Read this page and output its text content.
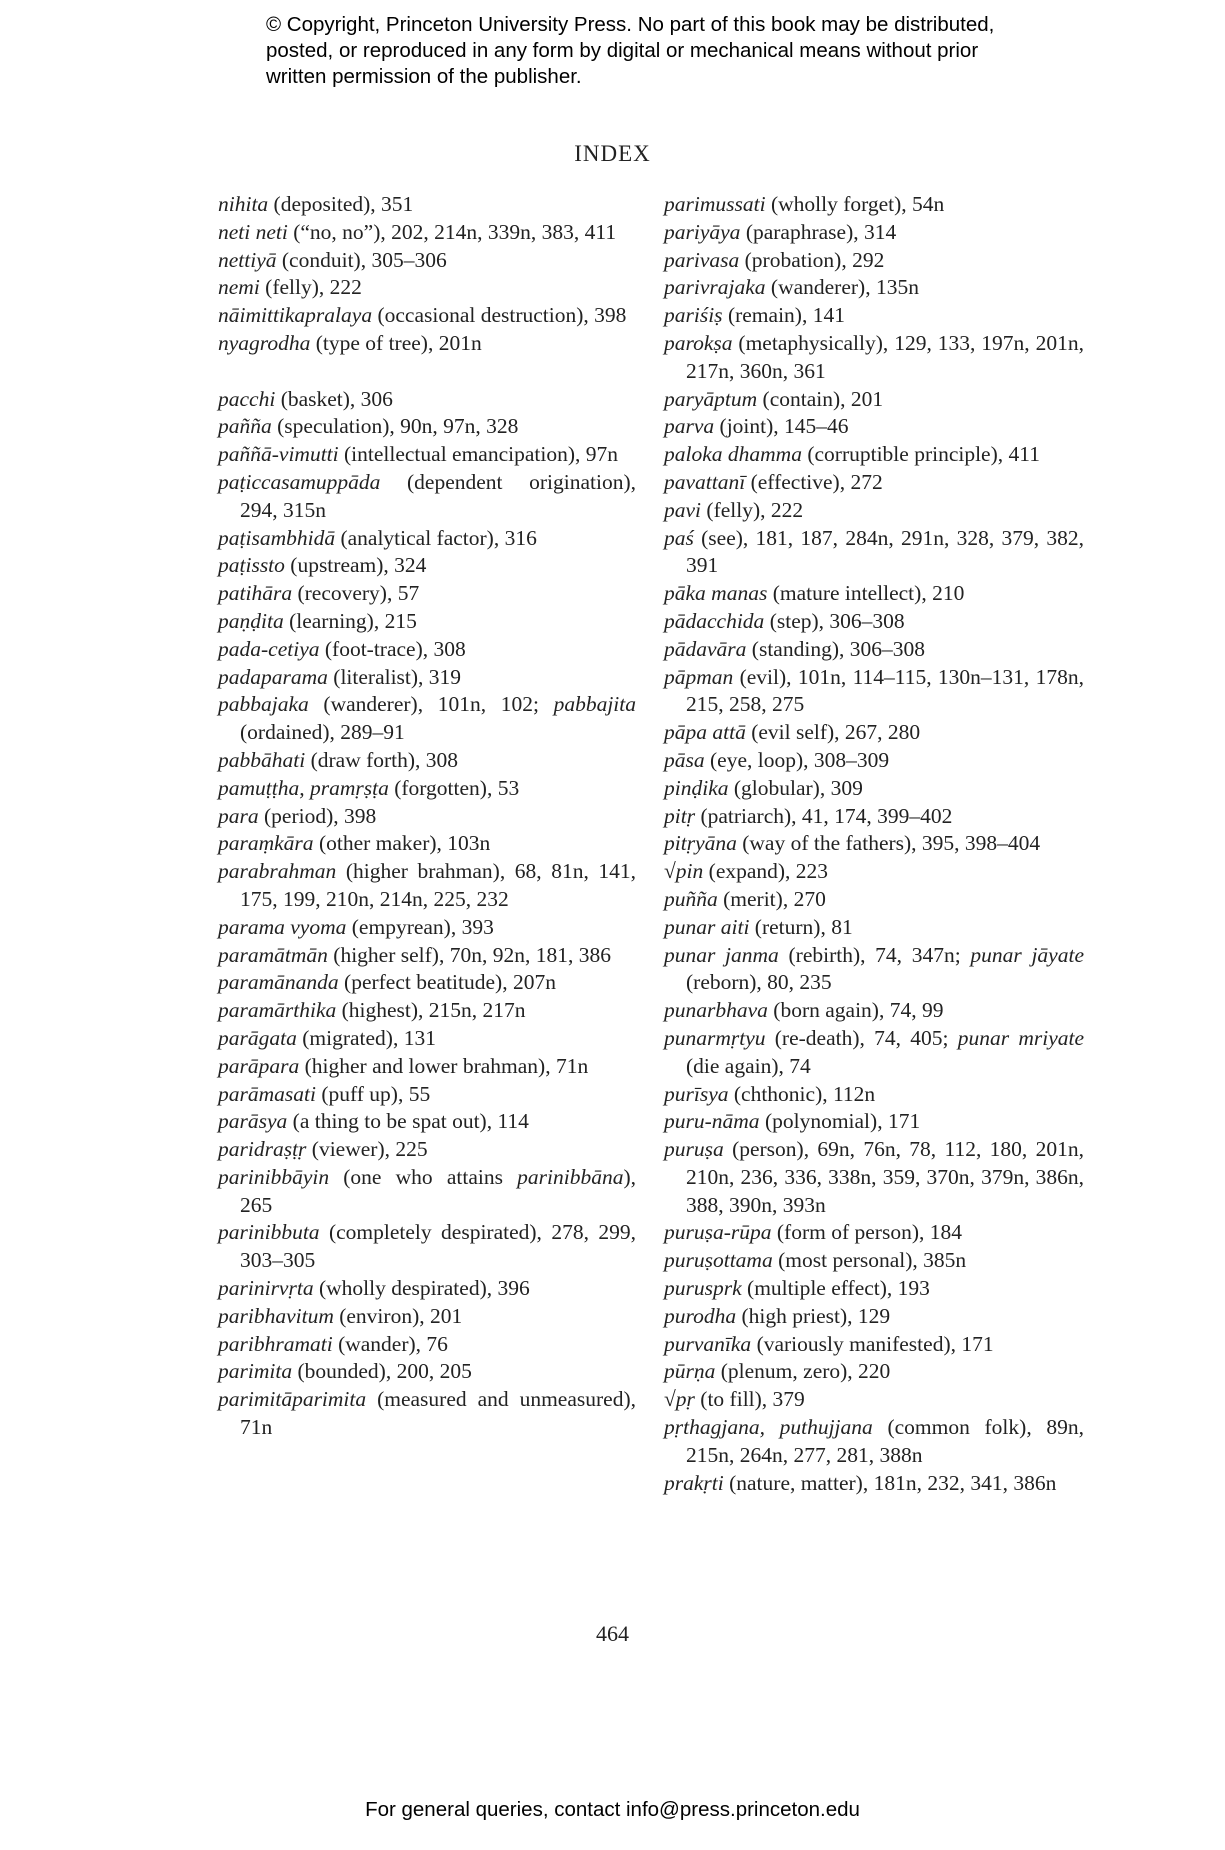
© Copyright, Princeton University Press. No part of this book may be distributed, posted, or reproduced in any form by digital or mechanical means without prior written permission of the publisher.
INDEX
nihita (deposited), 351
neti neti (“no, no”), 202, 214n, 339n, 383, 411
nettiyā (conduit), 305–306
nemi (felly), 222
nāimittikapralaya (occasional destruction), 398
nyagrodha (type of tree), 201n
pacchi (basket), 306
pañña (speculation), 90n, 97n, 328
paññā-vimutti (intellectual emancipation), 97n
paṭiccasamuppāda (dependent origination), 294, 315n
paṭisambhidā (analytical factor), 316
paṭissto (upstream), 324
patihāra (recovery), 57
paṇḍita (learning), 215
pada-cetiya (foot-trace), 308
padaparama (literalist), 319
pabbajaka (wanderer), 101n, 102; pabbajita (ordained), 289–91
pabbāhati (draw forth), 308
pamuṭṭha, pramṛṣṭa (forgotten), 53
para (period), 398
paraṃkāra (other maker), 103n
parabrahman (higher brahman), 68, 81n, 141, 175, 199, 210n, 214n, 225, 232
parama vyoma (empyrean), 393
paramātmān (higher self), 70n, 92n, 181, 386
paramānanda (perfect beatitude), 207n
paramārthika (highest), 215n, 217n
parāgata (migrated), 131
parāpara (higher and lower brahman), 71n
parāmasati (puff up), 55
parāsya (a thing to be spat out), 114
paridraṣṭṛ (viewer), 225
parinibbāyin (one who attains parinibbāna), 265
parinibbuta (completely despirated), 278, 299, 303–305
parinirvṛta (wholly despirated), 396
paribhavitum (environ), 201
paribhramati (wander), 76
parimita (bounded), 200, 205
parimitāparimita (measured and unmeasured), 71n
parimussati (wholly forget), 54n
pariyāya (paraphrase), 314
parivasa (probation), 292
parivrajaka (wanderer), 135n
pariśiṣ (remain), 141
parokṣa (metaphysically), 129, 133, 197n, 201n, 217n, 360n, 361
paryāptum (contain), 201
parva (joint), 145–46
paloka dhamma (corruptible principle), 411
pavattanī (effective), 272
pavi (felly), 222
paś (see), 181, 187, 284n, 291n, 328, 379, 382, 391
pāka manas (mature intellect), 210
pādacchida (step), 306–308
pādavāra (standing), 306–308
pāpman (evil), 101n, 114–115, 130n–131, 178n, 215, 258, 275
pāpa attā (evil self), 267, 280
pāsa (eye, loop), 308–309
pinḍika (globular), 309
pitṛ (patriarch), 41, 174, 399–402
pitṛyāna (way of the fathers), 395, 398–404
√pin (expand), 223
puñña (merit), 270
punar aiti (return), 81
punar janma (rebirth), 74, 347n; punar jāyate (reborn), 80, 235
punarbhava (born again), 74, 99
punarmṛtyu (re-death), 74, 405; punar mriyate (die again), 74
purīsya (chthonic), 112n
puru-nāma (polynomial), 171
puruṣa (person), 69n, 76n, 78, 112, 180, 201n, 210n, 236, 336, 338n, 359, 370n, 379n, 386n, 388, 390n, 393n
puruṣa-rūpa (form of person), 184
puruṣottama (most personal), 385n
purusprk (multiple effect), 193
purodha (high priest), 129
purvanīka (variously manifested), 171
pūrṇa (plenum, zero), 220
√pṛ (to fill), 379
pṛthagjana, puthujjana (common folk), 89n, 215n, 264n, 277, 281, 388n
prakṛti (nature, matter), 181n, 232, 341, 386n
464
For general queries, contact info@press.princeton.edu
